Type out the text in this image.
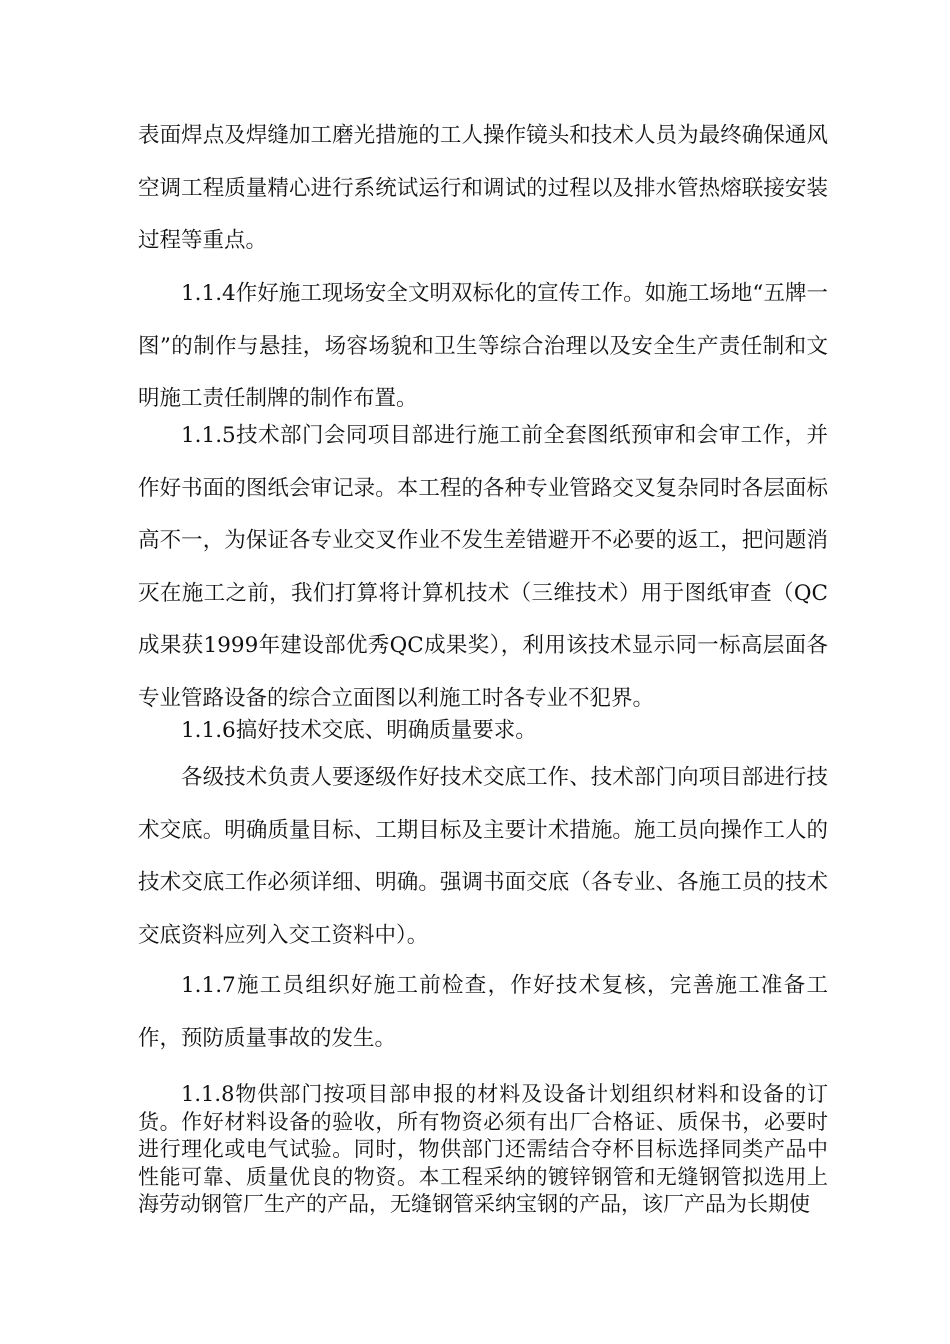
表面焊点及焊缝加工磨光措施的工人操作镜头和技术人员为最终确保通风空调工程质量精心进行系统试运行和调试的过程以及排水管热熔联接安装过程等重点。

1.1.4作好施工现场安全文明双标化的宣传工作。如施工场地“五牌一图”的制作与悬挂，场容场貌和卫生等综合治理以及安全生产责任制和文明施工责任制牌的制作布置。

1.1.5技术部门会同项目部进行施工前全套图纸预审和会审工作，并作好书面的图纸会审记录。本工程的各种专业管路交叉复杂同时各层面标高不一，为保证各专业交叉作业不发生差错避开不必要的返工，把问题消灭在施工之前，我们打算将计算机技术（三维技术）用于图纸审查（QC成果获1999年建设部优秀QC成果奖），利用该技术显示同一标高层面各专业管路设备的综合立面图以利施工时各专业不犯界。

1.1.6搞好技术交底、明确质量要求。

各级技术负责人要逐级作好技术交底工作、技术部门向项目部进行技术交底。明确质量目标、工期目标及主要计术措施。施工员向操作工人的技术交底工作必须详细、明确。强调书面交底（各专业、各施工员的技术交底资料应列入交工资料中）。

1.1.7施工员组织好施工前检查，作好技术复核，完善施工准备工作，预防质量事故的发生。

1.1.8物供部门按项目部申报的材料及设备计划组织材料和设备的订货。作好材料设备的验收，所有物资必须有出厂合格证、质保书，必要时进行理化或电气试验。同时，物供部门还需结合夺杯目标选择同类产品中性能可靠、质量优良的物资。本工程采纳的镀锌钢管和无缝钢管拟选用上海劳动钢管厂生产的产品，无缝钢管采纳宝钢的产品，该厂产品为长期使
